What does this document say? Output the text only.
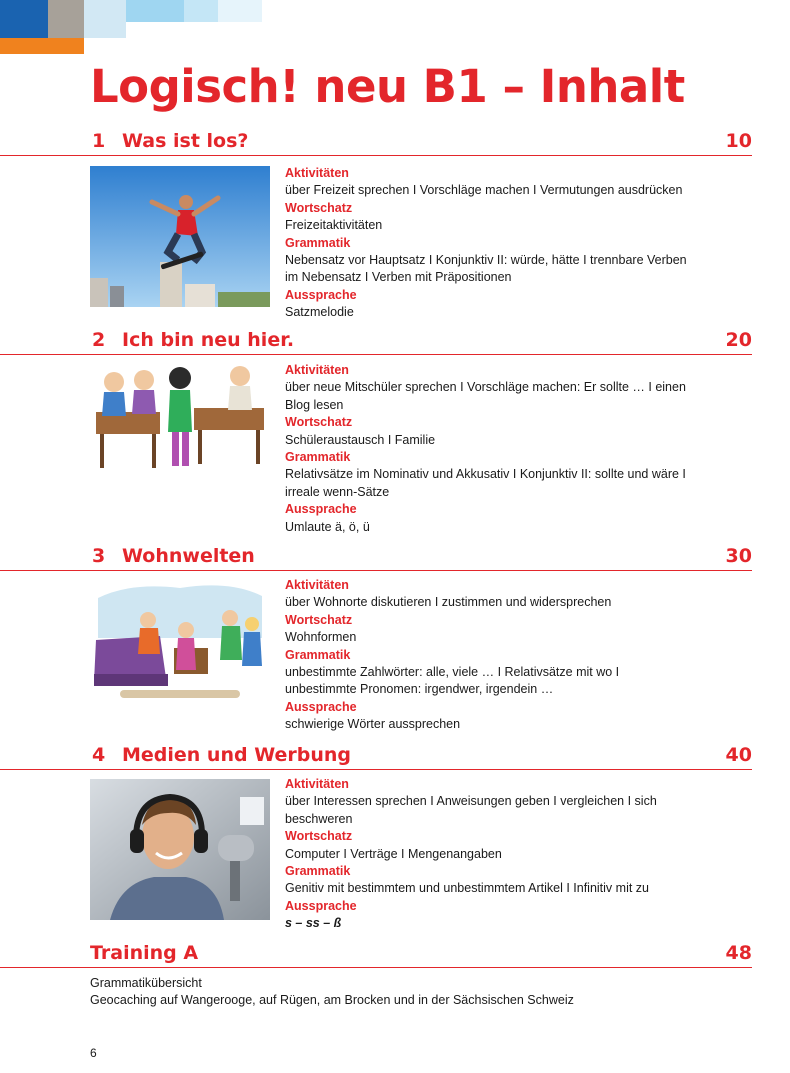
Logisch! neu B1 – Inhalt
1 Was ist los?	10
Aktivitäten
über Freizeit sprechen I Vorschläge machen I Vermutungen ausdrücken
Wortschatz
Freizeitaktivitäten
Grammatik
Nebensatz vor Hauptsatz I Konjunktiv II: würde, hätte I trennbare Verben
im Nebensatz I Verben mit Präpositionen
Aussprache
Satzmelodie
2 Ich bin neu hier.	20
Aktivitäten
über neue Mitschüler sprechen I Vorschläge machen: Er sollte … I einen
Blog lesen
Wortschatz
Schüleraustausch I Familie
Grammatik
Relativsätze im Nominativ und Akkusativ I Konjunktiv II: sollte und wäre I
irreale wenn-Sätze
Aussprache
Umlaute ä, ö, ü
3 Wohnwelten	30
Aktivitäten
über Wohnorte diskutieren I zustimmen und widersprechen
Wortschatz
Wohnformen
Grammatik
unbestimmte Zahlwörter: alle, viele … I Relativsätze mit wo I
unbestimmte Pronomen: irgendwer, irgendein …
Aussprache
schwierige Wörter aussprechen
4 Medien und Werbung	40
Aktivitäten
über Interessen sprechen I Anweisungen geben I vergleichen I sich
beschweren
Wortschatz
Computer I Verträge I Mengenangaben
Grammatik
Genitiv mit bestimmtem und unbestimmtem Artikel I Infinitiv mit zu
Aussprache
s – ss – ß
Training A	48
Grammatikübersicht
Geocaching auf Wangerooge, auf Rügen, am Brocken und in der Sächsischen Schweiz
6
